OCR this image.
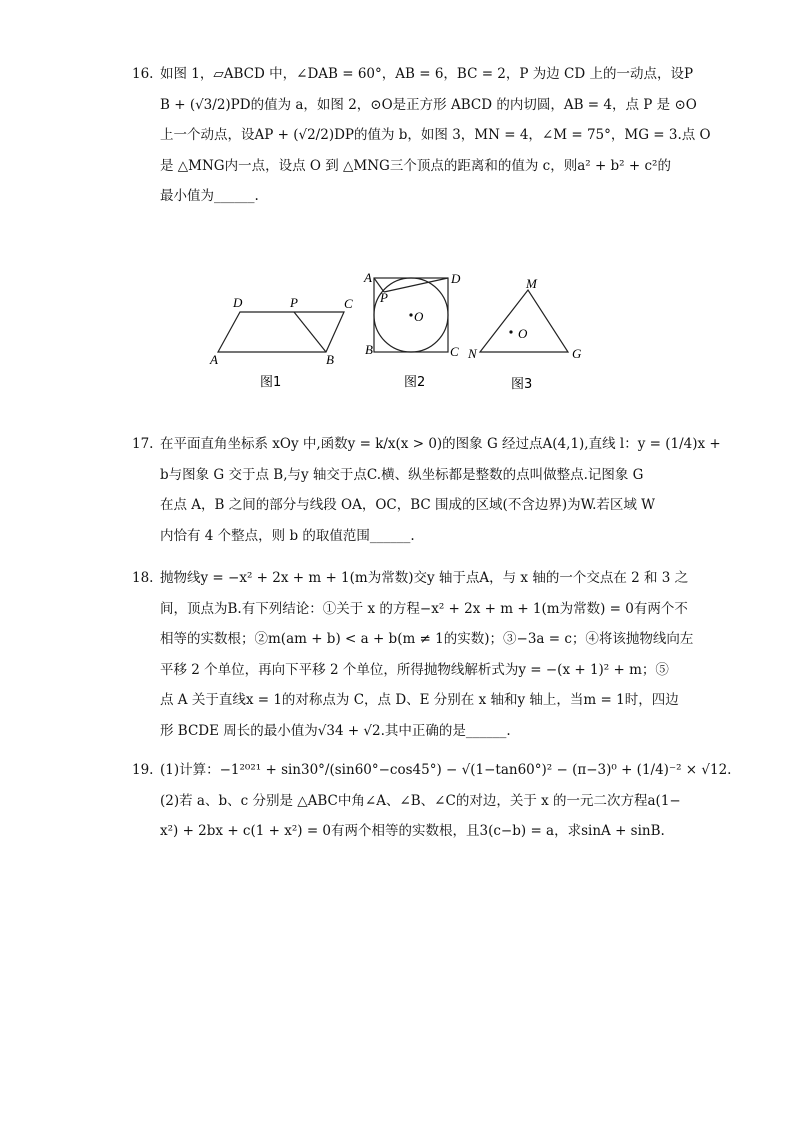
16. 如图 1，▱ABCD 中，∠DAB = 60°，AB = 6，BC = 2，P 为边 CD 上的一动点，设P
B + (√3/2)PD的值为 a，如图 2，⊙O是正方形 ABCD 的内切圆，AB = 4，点 P 是 ⊙O
上一个动点，设AP + (√2/2)DP的值为 b，如图 3，MN = 4，∠M = 75°，MG = 3.点 O
是 △MNG内一点，设点 O 到 △MNG三个顶点的距离和的值为 c，则a² + b² + c²的
最小值为______.
D	P	C
A	B
图1
A	D
P
O
B	C
图2
M
O
N	G
图3
17. 在平面直角坐标系 xOy 中,函数y = k/x(x > 0)的图象 G 经过点A(4,1),直线 l：y = (1/4)x +
b与图象 G 交于点 B,与y 轴交于点C.横、纵坐标都是整数的点叫做整点.记图象 G
在点 A，B 之间的部分与线段 OA，OC，BC 围成的区域(不含边界)为W.若区域 W
内恰有 4 个整点，则 b 的取值范围______.
18. 抛物线y = −x² + 2x + m + 1(m为常数)交y 轴于点A，与 x 轴的一个交点在 2 和 3 之
间，顶点为B.有下列结论：①关于 x 的方程−x² + 2x + m + 1(m为常数) = 0有两个不
相等的实数根；②m(am + b) < a + b(m ≠ 1的实数)；③−3a = c；④将该抛物线向左
平移 2 个单位，再向下平移 2 个单位，所得抛物线解析式为y = −(x + 1)² + m；⑤
点 A 关于直线x = 1的对称点为 C，点 D、E 分别在 x 轴和y 轴上，当m = 1时，四边
形 BCDE 周长的最小值为√34 + √2.其中正确的是______.
19. (1)计算：−1²⁰²¹ + sin30°/(sin60°−cos45°) − √(1−tan60°)² − (π−3)⁰ + (1/4)⁻² × √12.
(2)若 a、b、c 分别是 △ABC中角∠A、∠B、∠C的对边，关于 x 的一元二次方程a(1−
x²) + 2bx + c(1 + x²) = 0有两个相等的实数根，且3(c−b) = a，求sinA + sinB.
